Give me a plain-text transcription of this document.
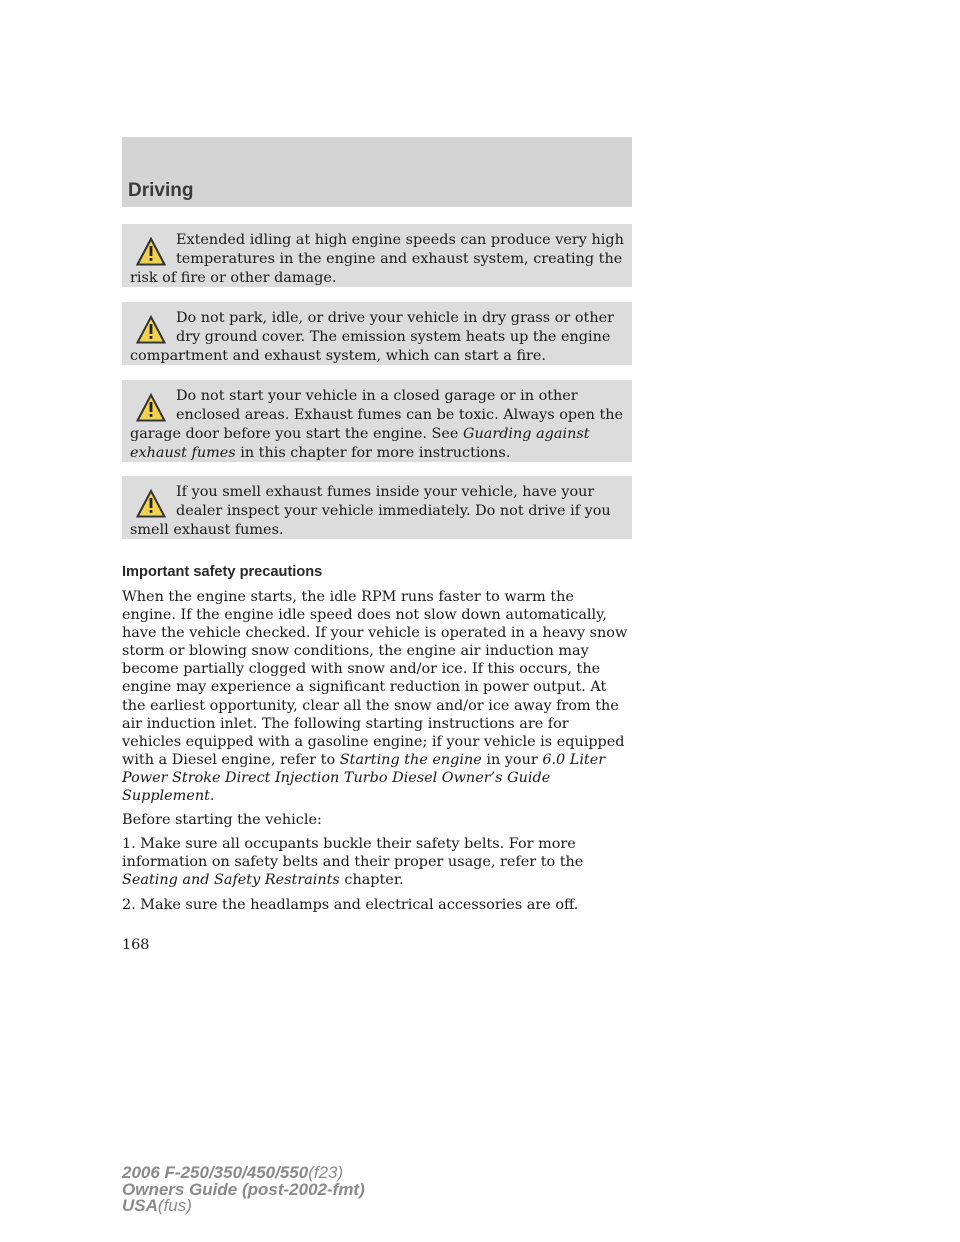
Driving

Extended idling at high engine speeds can produce very high temperatures in the engine and exhaust system, creating the risk of fire or other damage.

Do not park, idle, or drive your vehicle in dry grass or other dry ground cover. The emission system heats up the engine compartment and exhaust system, which can start a fire.

Do not start your vehicle in a closed garage or in other enclosed areas. Exhaust fumes can be toxic. Always open the garage door before you start the engine. See Guarding against exhaust fumes in this chapter for more instructions.

If you smell exhaust fumes inside your vehicle, have your dealer inspect your vehicle immediately. Do not drive if you smell exhaust fumes.

Important safety precautions

When the engine starts, the idle RPM runs faster to warm the engine. If the engine idle speed does not slow down automatically, have the vehicle checked. If your vehicle is operated in a heavy snow storm or blowing snow conditions, the engine air induction may become partially clogged with snow and/or ice. If this occurs, the engine may experience a significant reduction in power output. At the earliest opportunity, clear all the snow and/or ice away from the air induction inlet. The following starting instructions are for vehicles equipped with a gasoline engine; if your vehicle is equipped with a Diesel engine, refer to Starting the engine in your 6.0 Liter Power Stroke Direct Injection Turbo Diesel Owner’s Guide Supplement.

Before starting the vehicle:

1. Make sure all occupants buckle their safety belts. For more information on safety belts and their proper usage, refer to the Seating and Safety Restraints chapter.

2. Make sure the headlamps and electrical accessories are off.

168
2006 F-250/350/450/550(f23)
Owners Guide (post-2002-fmt)
USA(fus)
